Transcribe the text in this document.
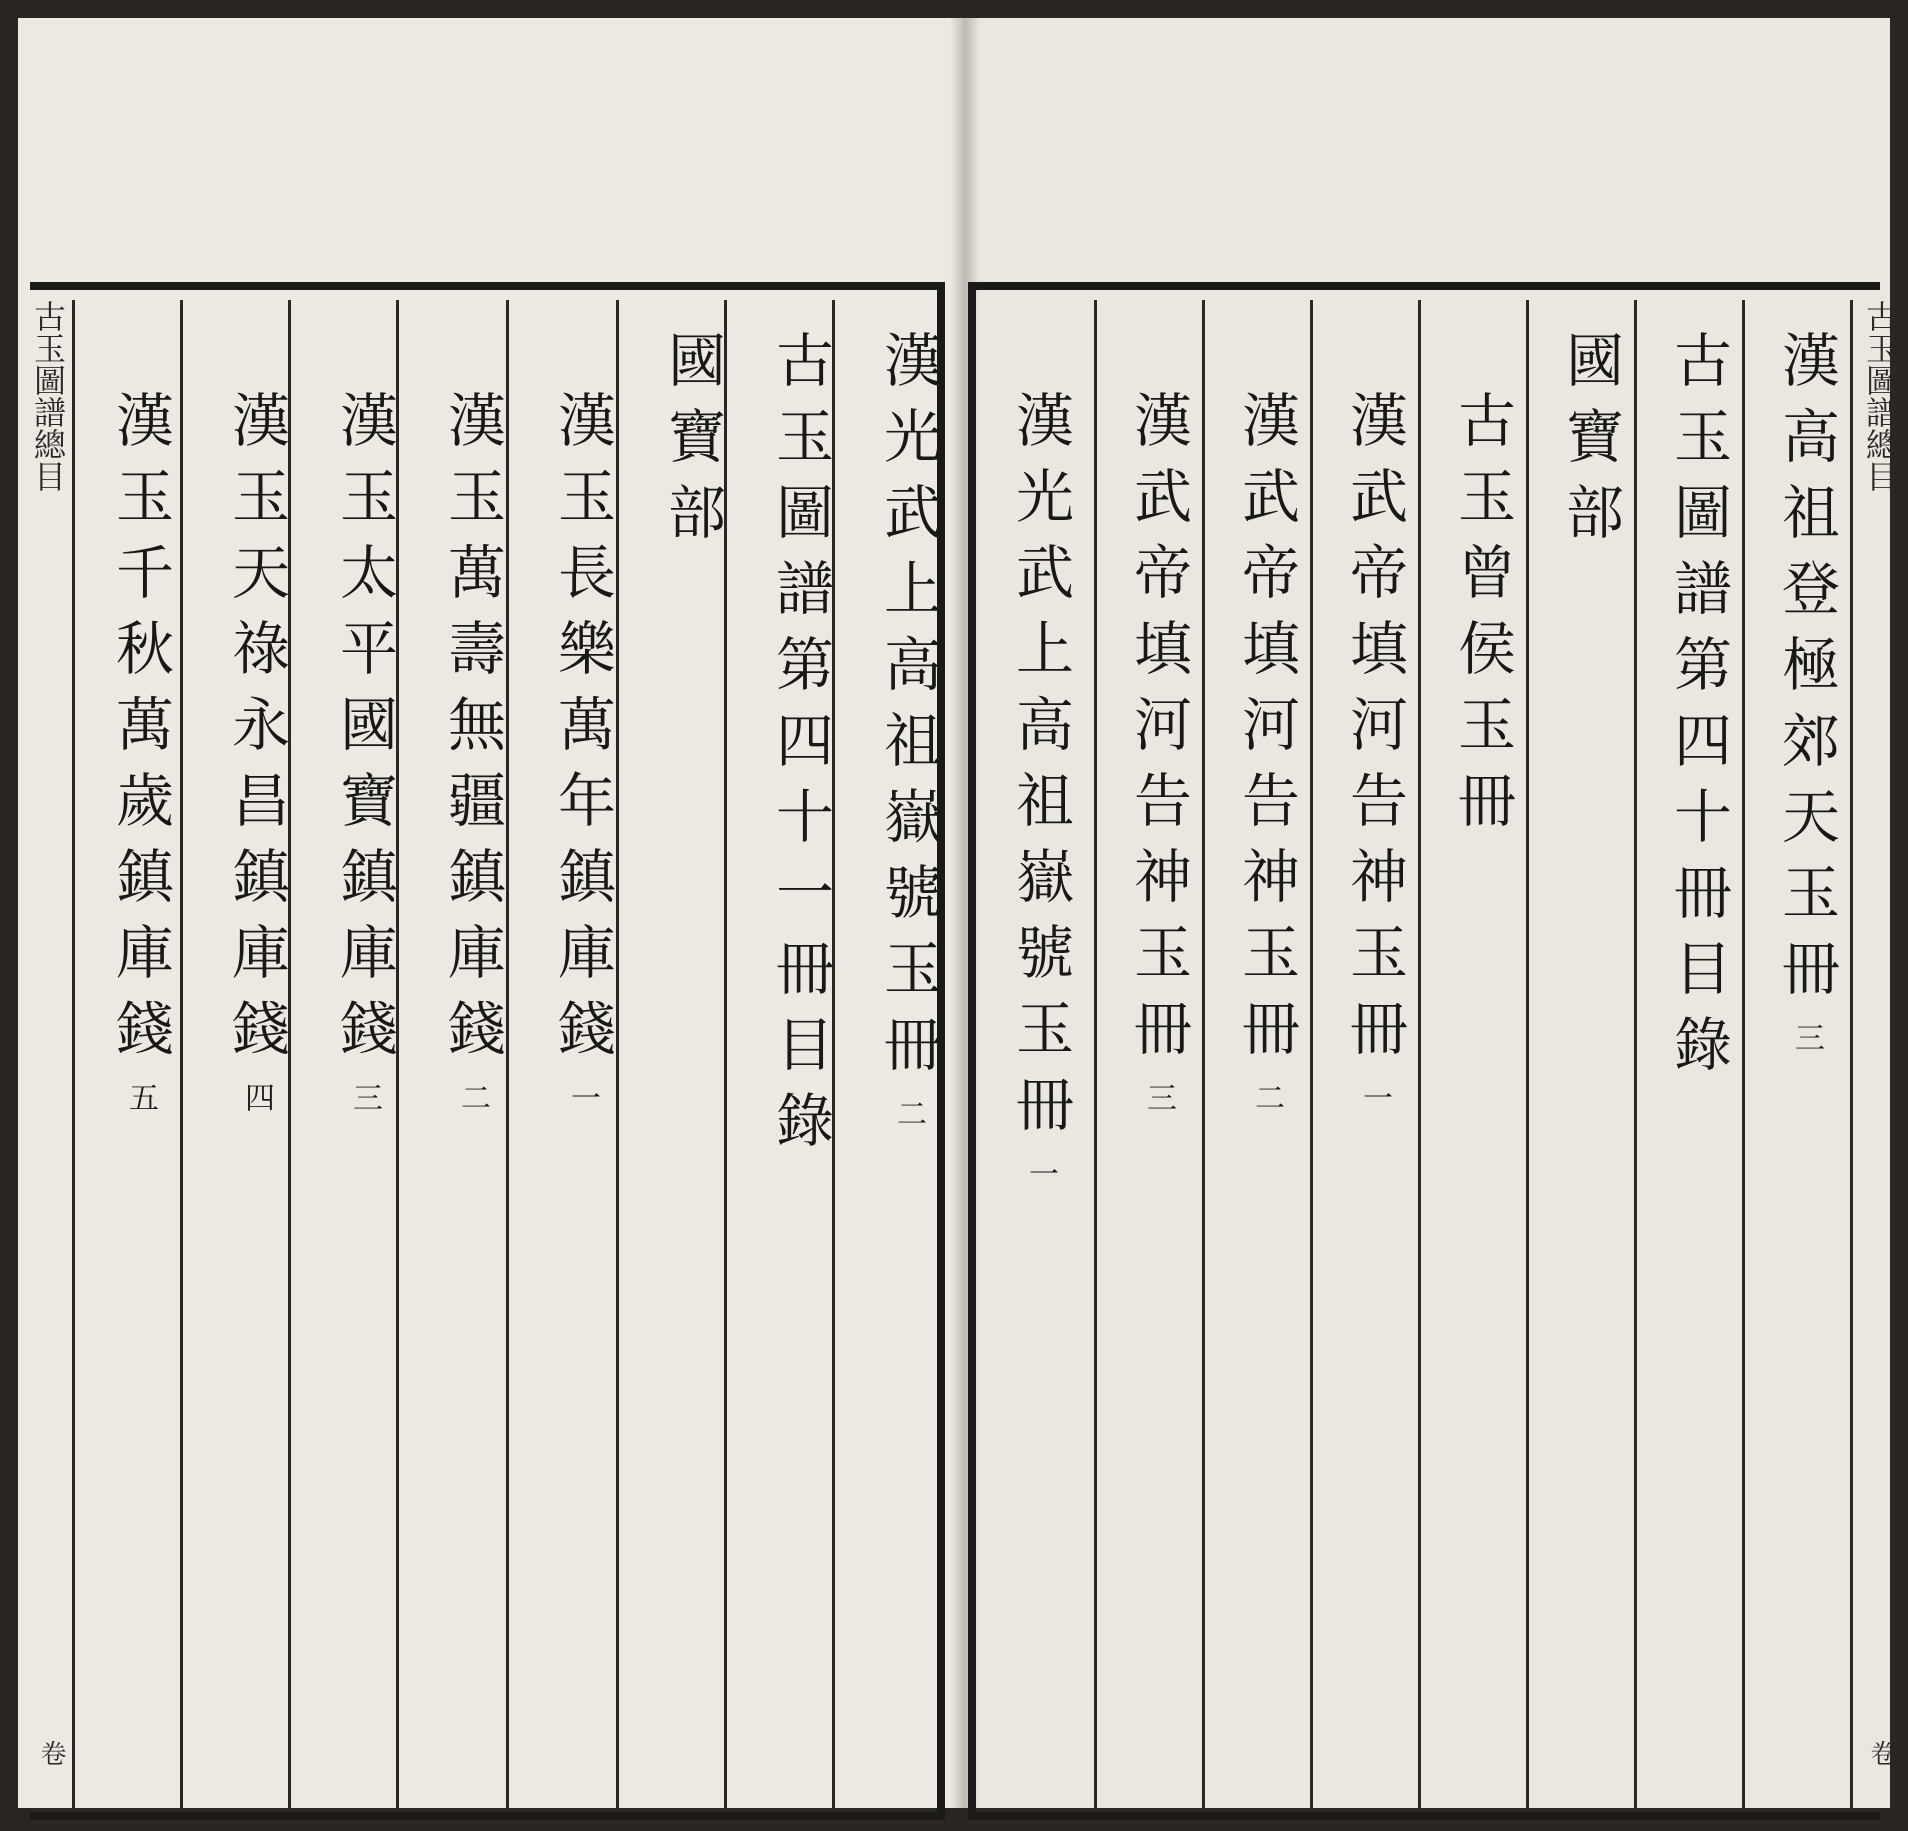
古玉圖譜總目	古玉圖譜總目
卷	卷
漢光武上高祖嶽號玉冊
二
古玉圖譜第四十一冊目錄
國寶部
漢玉長樂萬年鎮庫錢
一
漢玉萬壽無疆鎮庫錢
二
漢玉太平國寶鎮庫錢
三
漢玉天祿永昌鎮庫錢
四
漢玉千秋萬歲鎮庫錢
五
漢高祖登極郊天玉冊
三
古玉圖譜第四十冊目錄
國寶部
古玉曾侯玉冊
漢武帝填河告神玉冊
一
漢武帝填河告神玉冊
二
漢武帝填河告神玉冊
三
漢光武上高祖嶽號玉冊
一
